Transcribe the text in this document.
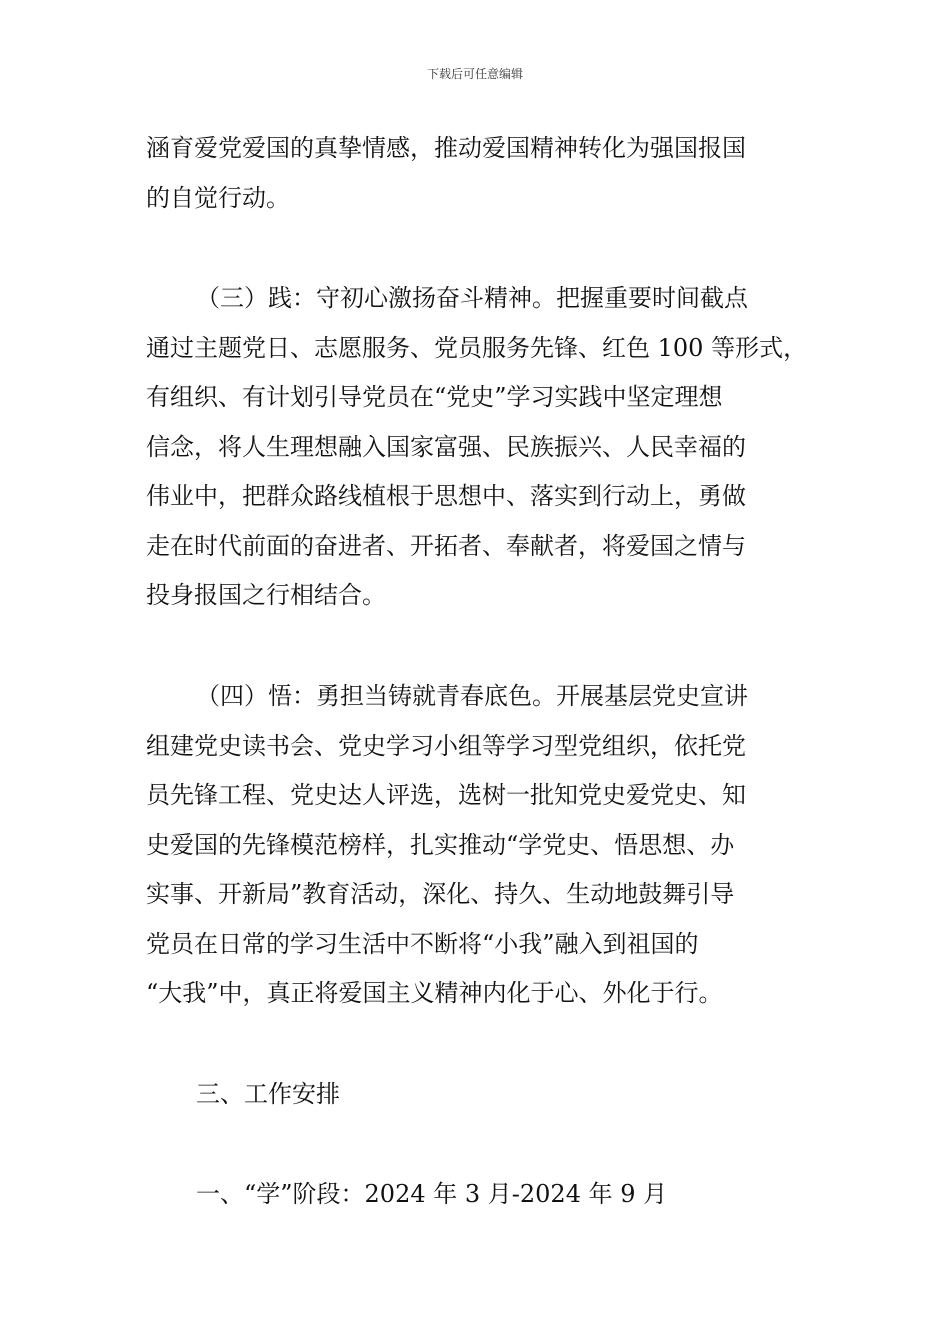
下载后可任意编辑
涵育爱党爱国的真挚情感，推动爱国精神转化为强国报国
的自觉行动。
（三）践：守初心激扬奋斗精神。把握重要时间截点
通过主题党日、志愿服务、党员服务先锋、红色 100 等形式，
有组织、有计划引导党员在“党史”学习实践中坚定理想
信念，将人生理想融入国家富强、民族振兴、人民幸福的
伟业中，把群众路线植根于思想中、落实到行动上，勇做
走在时代前面的奋进者、开拓者、奉献者，将爱国之情与
投身报国之行相结合。
（四）悟：勇担当铸就青春底色。开展基层党史宣讲
组建党史读书会、党史学习小组等学习型党组织，依托党
员先锋工程、党史达人评选，选树一批知党史爱党史、知
史爱国的先锋模范榜样，扎实推动“学党史、悟思想、办
实事、开新局”教育活动，深化、持久、生动地鼓舞引导
党员在日常的学习生活中不断将“小我”融入到祖国的
“大我”中，真正将爱国主义精神内化于心、外化于行。
三、工作安排
一、“学”阶段：2024 年 3 月-2024 年 9 月
